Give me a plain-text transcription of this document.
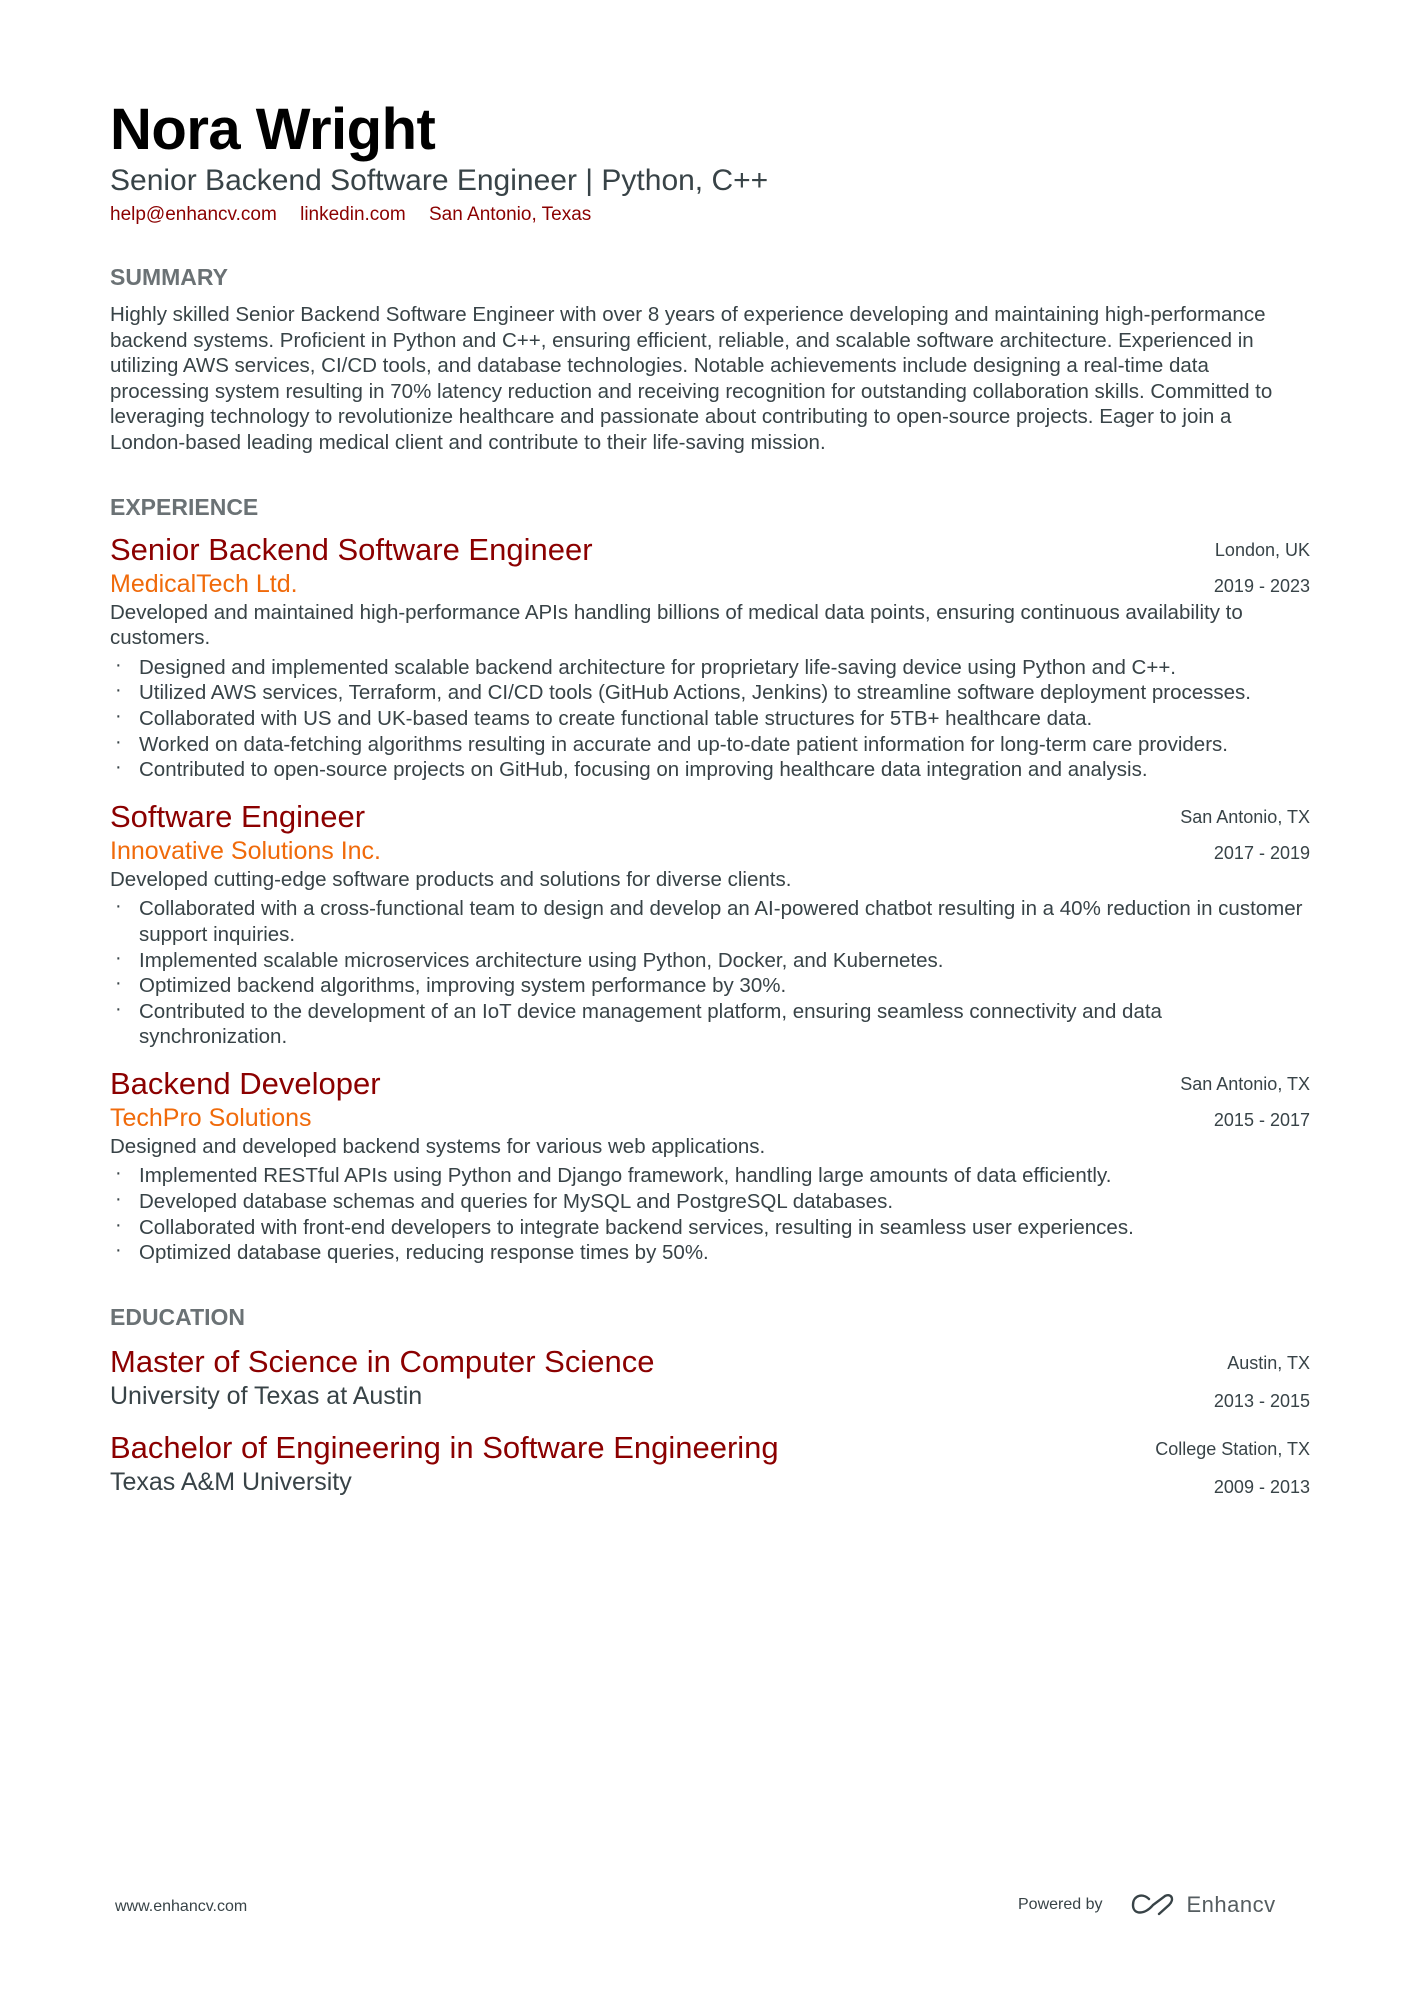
Nora Wright
Senior Backend Software Engineer | Python, C++
help@enhancv.com linkedin.com San Antonio, Texas
SUMMARY
Highly skilled Senior Backend Software Engineer with over 8 years of experience developing and maintaining high-performance backend systems. Proficient in Python and C++, ensuring efficient, reliable, and scalable software architecture. Experienced in utilizing AWS services, CI/CD tools, and database technologies. Notable achievements include designing a real-time data processing system resulting in 70% latency reduction and receiving recognition for outstanding collaboration skills. Committed to leveraging technology to revolutionize healthcare and passionate about contributing to open-source projects. Eager to join a London-based leading medical client and contribute to their life-saving mission.
EXPERIENCE
Senior Backend Software Engineer
MedicalTech Ltd.
London, UK
2019 - 2023
Developed and maintained high-performance APIs handling billions of medical data points, ensuring continuous availability to customers.
· Designed and implemented scalable backend architecture for proprietary life-saving device using Python and C++.
· Utilized AWS services, Terraform, and CI/CD tools (GitHub Actions, Jenkins) to streamline software deployment processes.
· Collaborated with US and UK-based teams to create functional table structures for 5TB+ healthcare data.
· Worked on data-fetching algorithms resulting in accurate and up-to-date patient information for long-term care providers.
· Contributed to open-source projects on GitHub, focusing on improving healthcare data integration and analysis.
Software Engineer
Innovative Solutions Inc.
San Antonio, TX
2017 - 2019
Developed cutting-edge software products and solutions for diverse clients.
· Collaborated with a cross-functional team to design and develop an AI-powered chatbot resulting in a 40% reduction in customer support inquiries.
· Implemented scalable microservices architecture using Python, Docker, and Kubernetes.
· Optimized backend algorithms, improving system performance by 30%.
· Contributed to the development of an IoT device management platform, ensuring seamless connectivity and data synchronization.
Backend Developer
TechPro Solutions
San Antonio, TX
2015 - 2017
Designed and developed backend systems for various web applications.
· Implemented RESTful APIs using Python and Django framework, handling large amounts of data efficiently.
· Developed database schemas and queries for MySQL and PostgreSQL databases.
· Collaborated with front-end developers to integrate backend services, resulting in seamless user experiences.
· Optimized database queries, reducing response times by 50%.
EDUCATION
Master of Science in Computer Science
University of Texas at Austin
Austin, TX
2013 - 2015
Bachelor of Engineering in Software Engineering
Texas A&M University
College Station, TX
2009 - 2013
www.enhancv.com	Powered by	Enhancv
